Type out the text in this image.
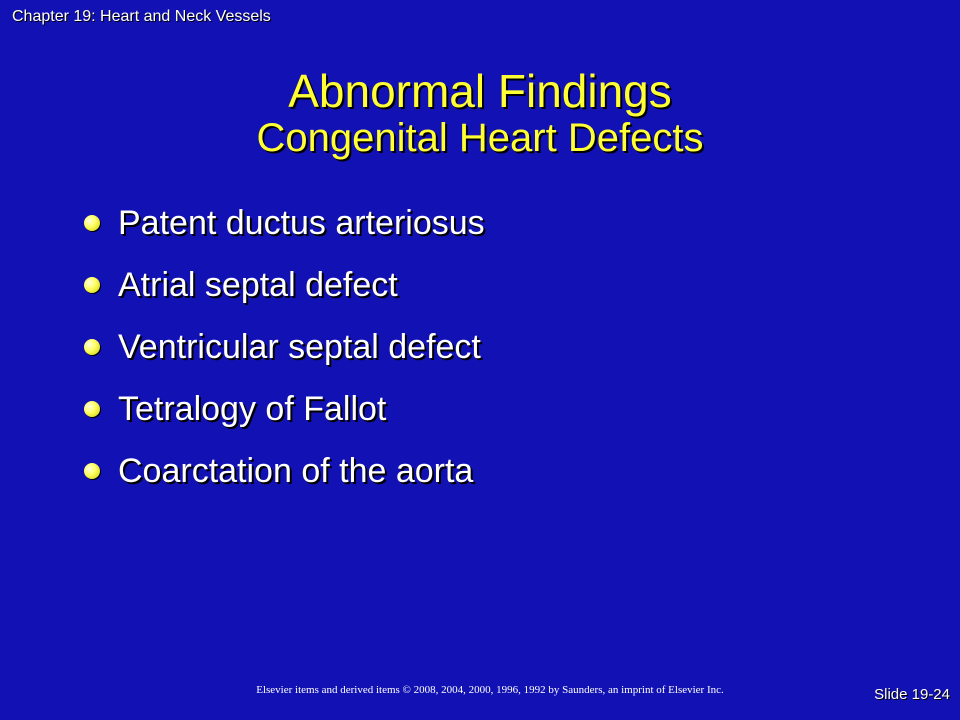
Chapter 19: Heart and Neck Vessels
Abnormal Findings
Congenital Heart Defects
Patent ductus arteriosus
Atrial septal defect
Ventricular septal defect
Tetralogy of Fallot
Coarctation of the aorta
Elsevier items and derived items © 2008, 2004, 2000, 1996, 1992 by Saunders, an imprint of Elsevier Inc.	Slide 19-24
